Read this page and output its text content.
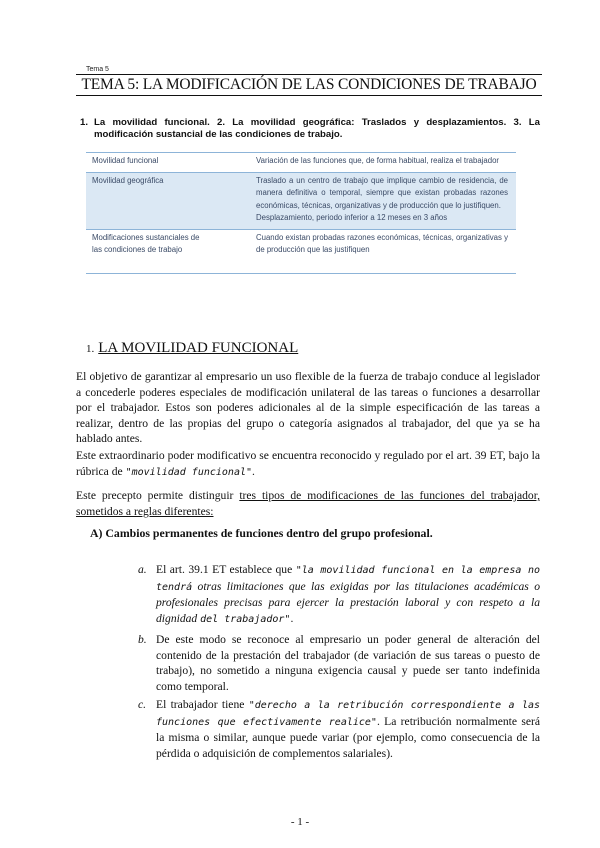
Tema 5
TEMA 5: LA MODIFICACIÓN DE LAS CONDICIONES DE TRABAJO
1. La movilidad funcional. 2. La movilidad geográfica: Traslados y desplazamientos. 3. La modificación sustancial de las condiciones de trabajo.
Movilidad funcional	Variación de las funciones que, de forma habitual, realiza el trabajador
Movilidad geográfica	Traslado a un centro de trabajo que implique cambio de residencia, de manera definitiva o temporal, siempre que existan probadas razones económicas, técnicas, organizativas y de producción que lo justifiquen.
Desplazamiento, periodo inferior a 12 meses en 3 años

Modificaciones sustanciales de las condiciones de trabajo	Cuando existan probadas razones económicas, técnicas, organizativas y de producción que las justifiquen
1. LA MOVILIDAD FUNCIONAL
El objetivo de garantizar al empresario un uso flexible de la fuerza de trabajo conduce al legislador a concederle poderes especiales de modificación unilateral de las tareas o funciones a desarrollar por el trabajador. Estos son poderes adicionales al de la simple especificación de las tareas a realizar, dentro de las propias del grupo o categoría asignados al trabajador, del que ya se ha hablado antes.
Este extraordinario poder modificativo se encuentra reconocido y regulado por el art. 39 ET, bajo la rúbrica de "movilidad funcional".
Este precepto permite distinguir tres tipos de modificaciones de las funciones del trabajador, sometidos a reglas diferentes:
A) Cambios permanentes de funciones dentro del grupo profesional.
a. El art. 39.1 ET establece que "la movilidad funcional en la empresa no tendrá otras limitaciones que las exigidas por las titulaciones académicas o profesionales precisas para ejercer la prestación laboral y con respeto a la dignidad del trabajador".
b. De este modo se reconoce al empresario un poder general de alteración del contenido de la prestación del trabajador (de variación de sus tareas o puesto de trabajo), no sometido a ninguna exigencia causal y puede ser tanto indefinida como temporal.
c. El trabajador tiene "derecho a la retribución correspondiente a las funciones que efectivamente realice". La retribución normalmente será la misma o similar, aunque puede variar (por ejemplo, como consecuencia de la pérdida o adquisición de complementos salariales).
- 1 -
